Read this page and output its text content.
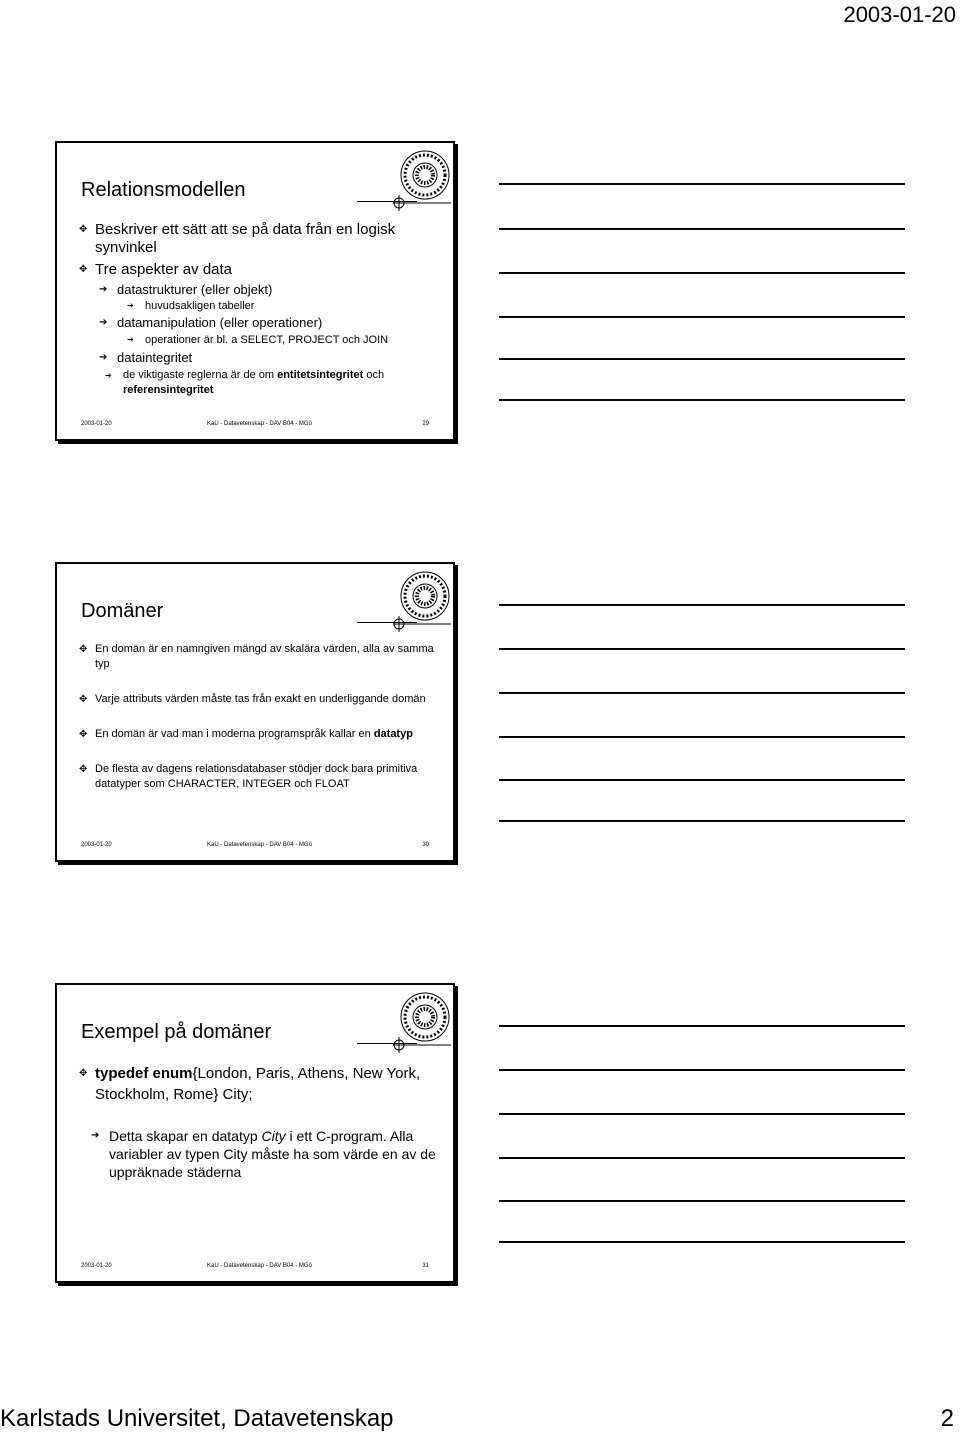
2003-01-20
Relationsmodellen
✥ Beskriver ett sätt att se på data från en logisk synvinkel
✥ Tre aspekter av data
➔ datastrukturer (eller objekt)
➔ huvudsakligen tabeller
➔ datamanipulation (eller operationer)
➔ operationer är bl. a SELECT, PROJECT och JOIN
➔ dataintegritet
➔ de viktigaste reglerna är de om entitetsintegritet och referensintegritet
2003-01-20	KaU - Datavetenskap - DAV B04 - MGö	29
Domäner
✥ En domän är en namngiven mängd av skalära värden, alla av samma typ
✥ Varje attributs värden måste tas från exakt en underliggande domän
✥ En domän är vad man i moderna programspråk kallar en datatyp
✥ De flesta av dagens relationsdatabaser stödjer dock bara primitiva datatyper som CHARACTER, INTEGER och FLOAT
2003-01-20	KaU - Datavetenskap - DAV B04 - MGö	30
Exempel på domäner
✥ typedef enum{London, Paris, Athens, New York, Stockholm, Rome} City;
➔ Detta skapar en datatyp City i ett C-program. Alla variabler av typen City måste ha som värde en av de uppräknade städerna
2003-01-20	KaU - Datavetenskap - DAV B04 - MGö	31
Karlstads Universitet, Datavetenskap	2
